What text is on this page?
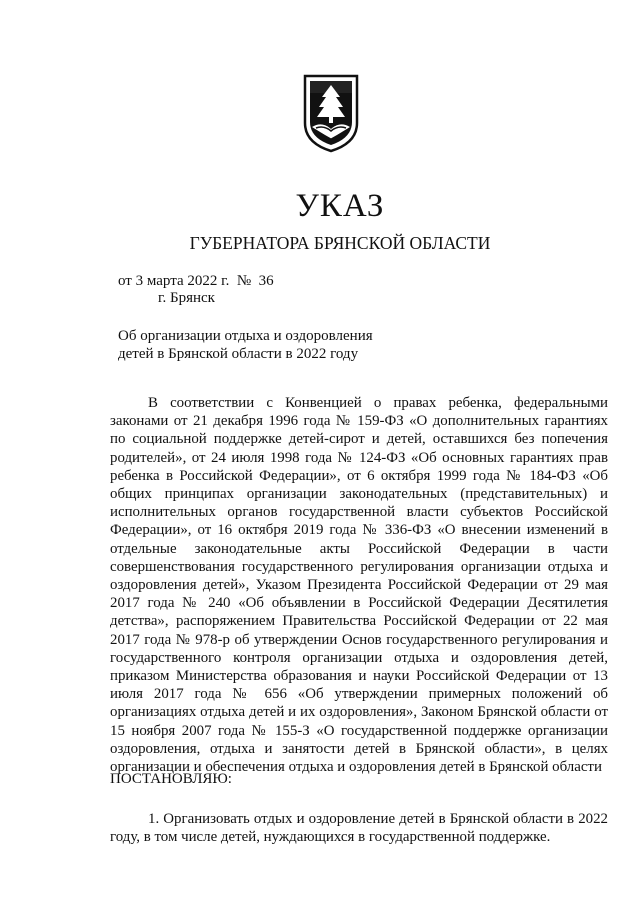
УКАЗ
ГУБЕРНАТОРА БРЯНСКОЙ ОБЛАСТИ
от 3 марта 2022 г.  №  36
г. Брянск
Об организации отдыха и оздоровления
детей в Брянской области в 2022 году

В соответствии с Конвенцией о правах ребенка, федеральными законами от 21 декабря 1996 года № 159-ФЗ «О дополнительных гарантиях по социальной поддержке детей-сирот и детей, оставшихся без попечения родителей», от 24 июля 1998 года № 124-ФЗ «Об основных гарантиях прав ребенка в Российской Федерации», от 6 октября 1999 года № 184-ФЗ «Об общих принципах организации законодательных (представительных) и исполнительных органов государственной власти субъектов Российской Федерации», от 16 октября 2019 года № 336-ФЗ «О внесении изменений в отдельные законодательные акты Российской Федерации в части совершенствования государственного регулирования организации отдыха и оздоровления детей», Указом Президента Российской Федерации от 29 мая 2017 года № 240 «Об объявлении в Российской Федерации Десятилетия детства», распоряжением Правительства Российской Федерации от 22 мая 2017 года № 978-р об утверждении Основ государственного регулирования и государственного контроля организации отдыха и оздоровления детей, приказом Министерства образования и науки Российской Федерации от 13 июля 2017 года № 656 «Об утверждении примерных положений об организациях отдыха детей и их оздоровления», Законом Брянской области от 15 ноября 2007 года № 155-З «О государственной поддержке организации оздоровления, отдыха и занятости детей в Брянской области», в целях организации и обеспечения отдыха и оздоровления детей в Брянской области

ПОСТАНОВЛЯЮ:

1. Организовать отдых и оздоровление детей в Брянской области в 2022 году, в том числе детей, нуждающихся в государственной поддержке.
